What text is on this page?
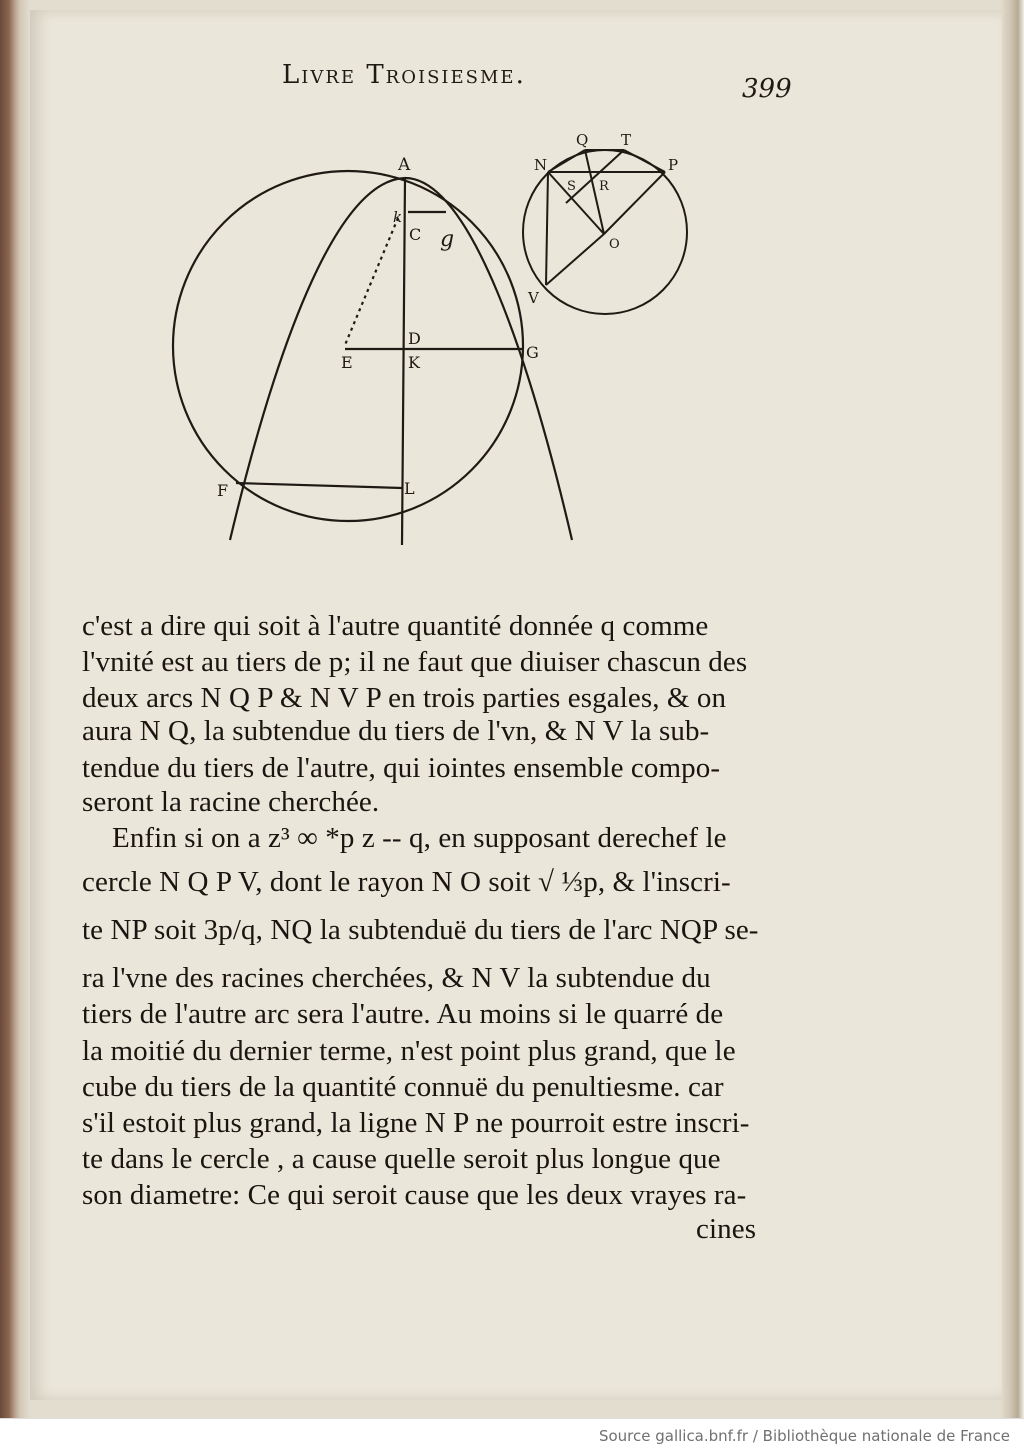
Livre Troisiesme.	399
A
k
C g
D
E	K
G
F	L
Q T
N	P
S R
O
V
c'est a dire qui soit à l'autre quantité donnée q comme
l'vnité est au tiers de p; il ne faut que diuiser chascun des
deux arcs N Q P & N V P en trois parties esgales, & on
aura N Q, la subtendue du tiers de l'vn, & N V la sub-
tendue du tiers de l'autre, qui iointes ensemble compo-
seront la racine cherchée.
Enfin si on a z³ ∞ *p z -- q, en supposant derechef le
cercle N Q P V, dont le rayon N O soit √ ⅓p, & l'inscri-
te NP soit 3p/q, NQ la subtenduë du tiers de l'arc NQP se-
ra l'vne des racines cherchées, & N V la subtendue du
tiers de l'autre arc sera l'autre. Au moins si le quarré de
la moitié du dernier terme, n'est point plus grand, que le
cube du tiers de la quantité connuë du penultiesme. car
s'il estoit plus grand, la ligne N P ne pourroit estre inscri-
te dans le cercle , a cause quelle seroit plus longue que
son diametre: Ce qui seroit cause que les deux vrayes ra-
cines
Source gallica.bnf.fr / Bibliothèque nationale de France
